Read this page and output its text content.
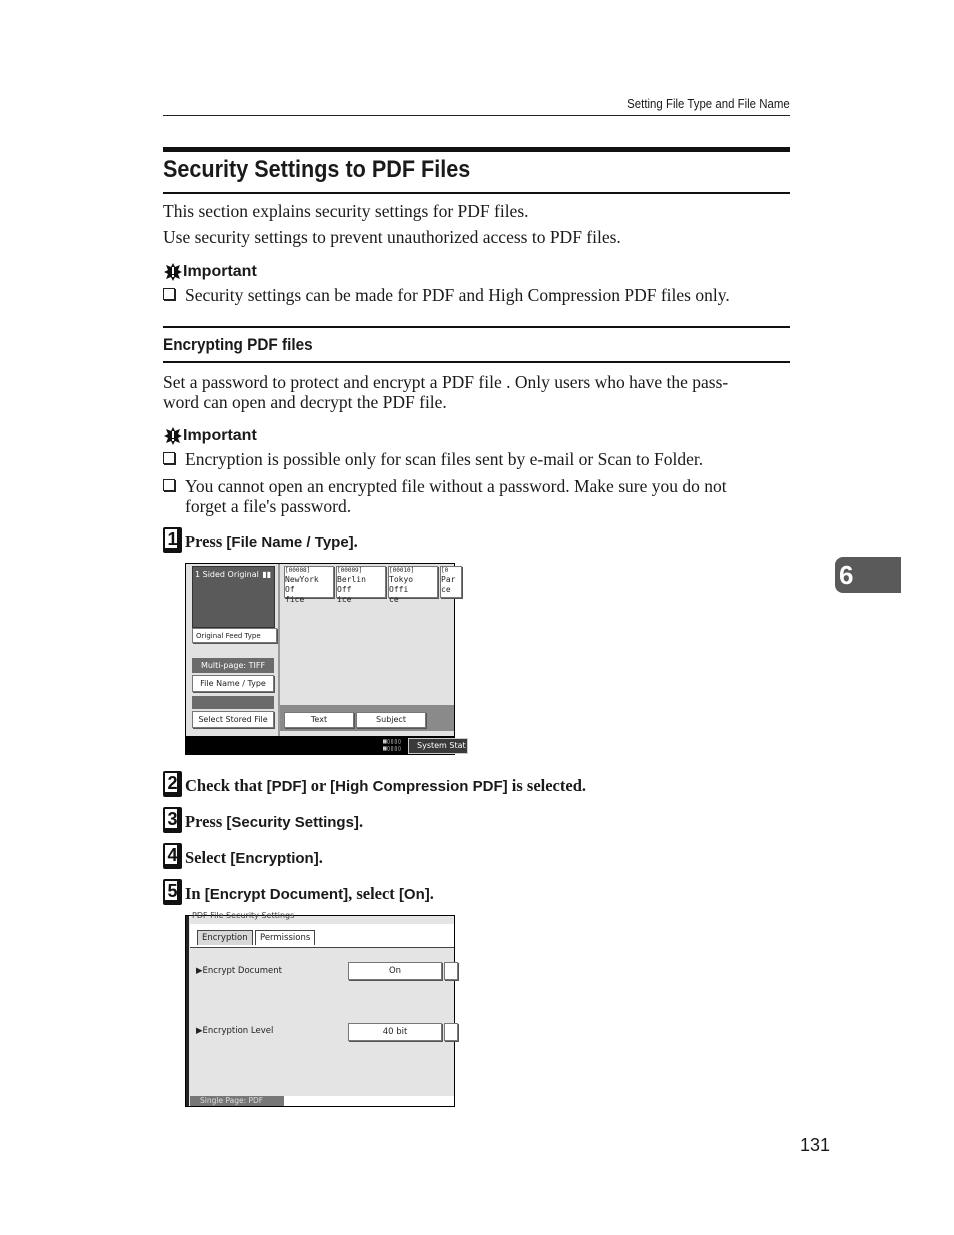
Setting File Type and File Name
Security Settings to PDF Files
This section explains security settings for PDF files.
Use security settings to prevent unauthorized access to PDF files.
Important
Security settings can be made for PDF and High Compression PDF files only.
Encrypting PDF files
Set a password to protect and encrypt a PDF file . Only users who have the pass-
word can open and decrypt the PDF file.
Important
Encryption is possible only for scan files sent by e-mail or Scan to Folder.
You cannot open an encrypted file without a password. Make sure you do not
forget a file's password.
1 Press [File Name / Type].
1 Sided Original ▮▮
Original Feed Type
Multi-page: TIFF
File Name / Type
Select Stored File
[00008]
NewYork Of
fice
[00009]
Berlin Off
ice
[00010]
Tokyo Offi
ce
[0
Par
ce
Text	Subject
▦▯▯▯▯
▦▯▯▯▯	System Stat
2 Check that [PDF] or [High Compression PDF] is selected.
3 Press [Security Settings].
4 Select [Encryption].
5 In [Encrypt Document], select [On].
PDF File Security Settings
Encryption	Permissions
▶Encrypt Document	On
▶Encryption Level	40 bit
Single Page: PDF
6
131
